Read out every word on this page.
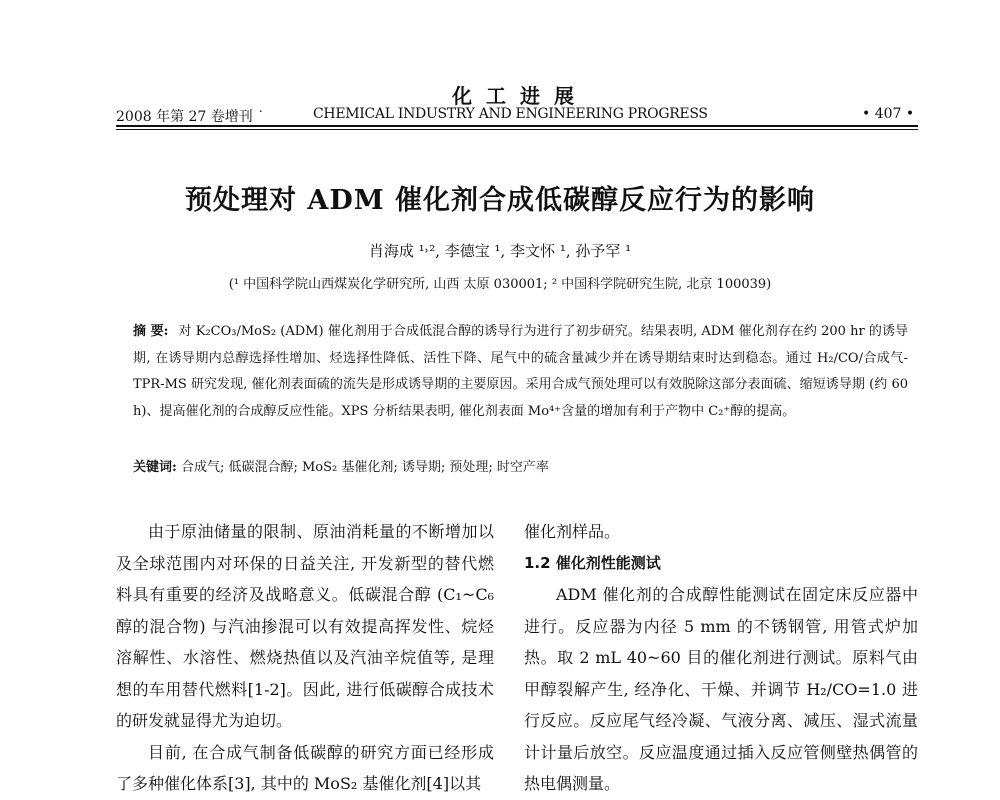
化工进展
2008 年第 27 卷增刊 ˙	CHEMICAL INDUSTRY AND ENGINEERING PROGRESS	• 407 •
预处理对 ADM 催化剂合成低碳醇反应行为的影响
肖海成 ¹˒², 李德宝 ¹, 李文怀 ¹, 孙予罕 ¹
(¹ 中国科学院山西煤炭化学研究所, 山西 太原 030001; ² 中国科学院研究生院, 北京 100039)
摘 要: 对 K₂CO₃/MoS₂ (ADM) 催化剂用于合成低混合醇的诱导行为进行了初步研究。结果表明, ADM 催化剂存在约 200 hr 的诱导期, 在诱导期内总醇选择性增加、烃选择性降低、活性下降、尾气中的硫含量减少并在诱导期结束时达到稳态。通过 H₂/CO/合成气-TPR-MS 研究发现, 催化剂表面硫的流失是形成诱导期的主要原因。采用合成气预处理可以有效脱除这部分表面硫、缩短诱导期 (约 60 h)、提高催化剂的合成醇反应性能。XPS 分析结果表明, 催化剂表面 Mo⁴⁺含量的增加有利于产物中 C₂⁺醇的提高。
关键词: 合成气; 低碳混合醇; MoS₂ 基催化剂; 诱导期; 预处理; 时空产率
由于原油储量的限制、原油消耗量的不断增加以及全球范围内对环保的日益关注, 开发新型的替代燃料具有重要的经济及战略意义。低碳混合醇 (C₁~C₆ 醇的混合物) 与汽油掺混可以有效提高挥发性、烷烃溶解性、水溶性、燃烧热值以及汽油辛烷值等, 是理想的车用替代燃料[1-2]。因此, 进行低碳醇合成技术的研发就显得尤为迫切。
目前, 在合成气制备低碳醇的研究方面已经形成了多种催化体系[3], 其中的 MoS₂ 基催化剂[4]以其
催化剂样品。
1.2 催化剂性能测试
ADM 催化剂的合成醇性能测试在固定床反应器中进行。反应器为内径 5 mm 的不锈钢管, 用管式炉加热。取 2 mL 40~60 目的催化剂进行测试。原料气由甲醇裂解产生, 经净化、干燥、并调节 H₂/CO=1.0 进行反应。反应尾气经冷凝、气液分离、减压、湿式流量计计量后放空。反应温度通过插入反应管侧壁热偶管的热电偶测量。
